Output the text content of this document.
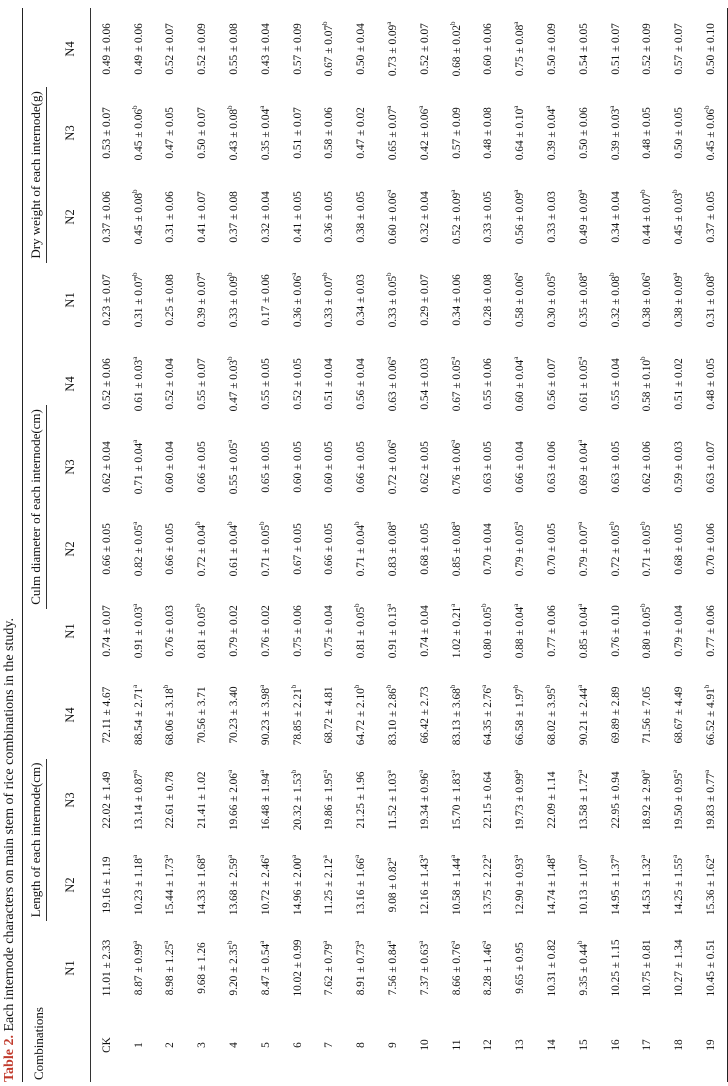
Table 2. Each internode characters on main stem of rice combinations in the study.
Combinations	Length of each internode(cm)				Culm diameter of each internode(cm)				Dry weight of each internode(g)			
	N1	N2	N3	N4	N1	N2	N3	N4	N1	N2	N3	N4
CK	11.01 ± 2.33	19.16 ± 1.19	22.02 ± 1.49	72.11 ± 4.67	0.74 ± 0.07	0.66 ± 0.05	0.62 ± 0.04	0.52 ± 0.06	0.23 ± 0.07	0.37 ± 0.06	0.53 ± 0.07	0.49 ± 0.06
1	8.87 ± 0.99$^a$	10.23 ± 1.18$^a$	13.14 ± 0.87$^a$	88.54 ± 2.71$^a$	0.91 ± 0.03$^a$	0.82 ± 0.05$^a$	0.71 ± 0.04$^a$	0.61 ± 0.03$^a$	0.31 ± 0.07$^b$	0.45 ± 0.08$^b$	0.45 ± 0.06$^b$	0.49 ± 0.06
2	8.98 ± 1.25$^a$	15.44 ± 1.73$^a$	22.61 ± 0.78	68.06 ± 3.18$^b$	0.76 ± 0.03	0.66 ± 0.05	0.60 ± 0.04	0.52 ± 0.04	0.25 ± 0.08	0.31 ± 0.06	0.47 ± 0.05	0.52 ± 0.07
3	9.68 ± 1.26	14.33 ± 1.68$^a$	21.41 ± 1.02	70.56 ± 3.71	0.81 ± 0.05$^b$	0.72 ± 0.04$^b$	0.66 ± 0.05	0.55 ± 0.07	0.39 ± 0.07$^a$	0.41 ± 0.07	0.50 ± 0.07	0.52 ± 0.09
4	9.20 ± 2.35$^b$	13.68 ± 2.59$^a$	19.66 ± 2.06$^a$	70.23 ± 3.40	0.79 ± 0.02	0.61 ± 0.04$^b$	0.55 ± 0.05$^a$	0.47 ± 0.03$^b$	0.33 ± 0.09$^b$	0.37 ± 0.08	0.43 ± 0.08$^b$	0.55 ± 0.08
5	8.47 ± 0.54$^a$	10.72 ± 2.46$^a$	16.48 ± 1.94$^a$	90.23 ± 3.98$^a$	0.76 ± 0.02	0.71 ± 0.05$^b$	0.65 ± 0.05	0.55 ± 0.05	0.17 ± 0.06	0.32 ± 0.04	0.35 ± 0.04$^a$	0.43 ± 0.04
6	10.02 ± 0.99	14.96 ± 2.00$^a$	20.32 ± 1.53$^b$	78.85 ± 2.21$^b$	0.75 ± 0.06	0.67 ± 0.05	0.60 ± 0.05	0.52 ± 0.05	0.36 ± 0.06$^a$	0.41 ± 0.05	0.51 ± 0.07	0.57 ± 0.09
7	7.62 ± 0.79$^a$	11.25 ± 2.12$^a$	19.86 ± 1.95$^a$	68.72 ± 4.81	0.75 ± 0.04	0.66 ± 0.05	0.60 ± 0.05	0.51 ± 0.04	0.33 ± 0.07$^b$	0.36 ± 0.05	0.58 ± 0.06	0.67 ± 0.07$^b$
8	8.91 ± 0.73$^a$	13.16 ± 1.66$^a$	21.25 ± 1.96	64.72 ± 2.10$^b$	0.81 ± 0.05$^b$	0.71 ± 0.04$^b$	0.66 ± 0.05	0.56 ± 0.04	0.34 ± 0.03	0.38 ± 0.05	0.47 ± 0.02	0.50 ± 0.04
9	7.56 ± 0.84$^a$	9.08 ± 0.82$^a$	11.52 ± 1.03$^a$	83.10 ± 2.86$^b$	0.91 ± 0.13$^a$	0.83 ± 0.08$^a$	0.72 ± 0.06$^a$	0.63 ± 0.06$^a$	0.33 ± 0.05$^b$	0.60 ± 0.06$^a$	0.65 ± 0.07$^a$	0.73 ± 0.09$^a$
10	7.37 ± 0.63$^a$	12.16 ± 1.43$^a$	19.34 ± 0.96$^a$	66.42 ± 2.73	0.74 ± 0.04	0.68 ± 0.05	0.62 ± 0.05	0.54 ± 0.03	0.29 ± 0.07	0.32 ± 0.04	0.42 ± 0.06$^a$	0.52 ± 0.07
11	8.66 ± 0.76$^a$	10.58 ± 1.44$^a$	15.70 ± 1.83$^a$	83.13 ± 3.68$^b$	1.02 ± 0.21$^a$	0.85 ± 0.08$^a$	0.76 ± 0.06$^a$	0.67 ± 0.05$^a$	0.34 ± 0.06	0.52 ± 0.09$^a$	0.57 ± 0.09	0.68 ± 0.02$^b$
12	8.28 ± 1.46$^a$	13.75 ± 2.22$^a$	22.15 ± 0.64	64.35 ± 2.76$^a$	0.80 ± 0.05$^b$	0.70 ± 0.04	0.63 ± 0.05	0.55 ± 0.06	0.28 ± 0.08	0.33 ± 0.05	0.48 ± 0.08	0.60 ± 0.06
13	9.65 ± 0.95	12.90 ± 0.93$^a$	19.73 ± 0.99$^a$	66.58 ± 1.97$^b$	0.88 ± 0.04$^a$	0.79 ± 0.05$^a$	0.66 ± 0.04	0.60 ± 0.04$^a$	0.58 ± 0.06$^a$	0.56 ± 0.09$^a$	0.64 ± 0.10$^a$	0.75 ± 0.08$^a$
14	10.31 ± 0.82	14.74 ± 1.48$^a$	22.09 ± 1.14	68.02 ± 3.95$^b$	0.77 ± 0.06	0.70 ± 0.05	0.63 ± 0.06	0.56 ± 0.07	0.30 ± 0.05$^b$	0.33 ± 0.03	0.39 ± 0.04$^a$	0.50 ± 0.09
15	9.35 ± 0.44$^b$	10.13 ± 1.07$^a$	13.58 ± 1.72$^a$	90.21 ± 2.44$^a$	0.85 ± 0.04$^a$	0.79 ± 0.07$^a$	0.69 ± 0.04$^a$	0.61 ± 0.05$^a$	0.35 ± 0.08$^a$	0.49 ± 0.09$^a$	0.50 ± 0.06	0.54 ± 0.05
16	10.25 ± 1.15	14.95 ± 1.37$^a$	22.95 ± 0.94	69.89 ± 2.89	0.76 ± 0.10	0.72 ± 0.05$^b$	0.63 ± 0.05	0.55 ± 0.04	0.32 ± 0.08$^b$	0.34 ± 0.04	0.39 ± 0.03$^a$	0.51 ± 0.07
17	10.75 ± 0.81	14.53 ± 1.32$^a$	18.92 ± 2.90$^a$	71.56 ± 7.05	0.80 ± 0.05$^b$	0.71 ± 0.05$^b$	0.62 ± 0.06	0.58 ± 0.10$^b$	0.38 ± 0.06$^a$	0.44 ± 0.07$^b$	0.48 ± 0.05	0.52 ± 0.09
18	10.27 ± 1.34	14.25 ± 1.55$^a$	19.50 ± 0.95$^a$	68.67 ± 4.49	0.79 ± 0.04	0.68 ± 0.05	0.59 ± 0.03	0.51 ± 0.02	0.38 ± 0.09$^a$	0.45 ± 0.03$^b$	0.50 ± 0.05	0.57 ± 0.07
19	10.45 ± 0.51	15.36 ± 1.62$^a$	19.83 ± 0.77$^a$	66.52 ± 4.91$^b$	0.77 ± 0.06	0.70 ± 0.06	0.63 ± 0.07	0.48 ± 0.05	0.31 ± 0.08$^b$	0.37 ± 0.05	0.45 ± 0.06$^b$	0.50 ± 0.10
